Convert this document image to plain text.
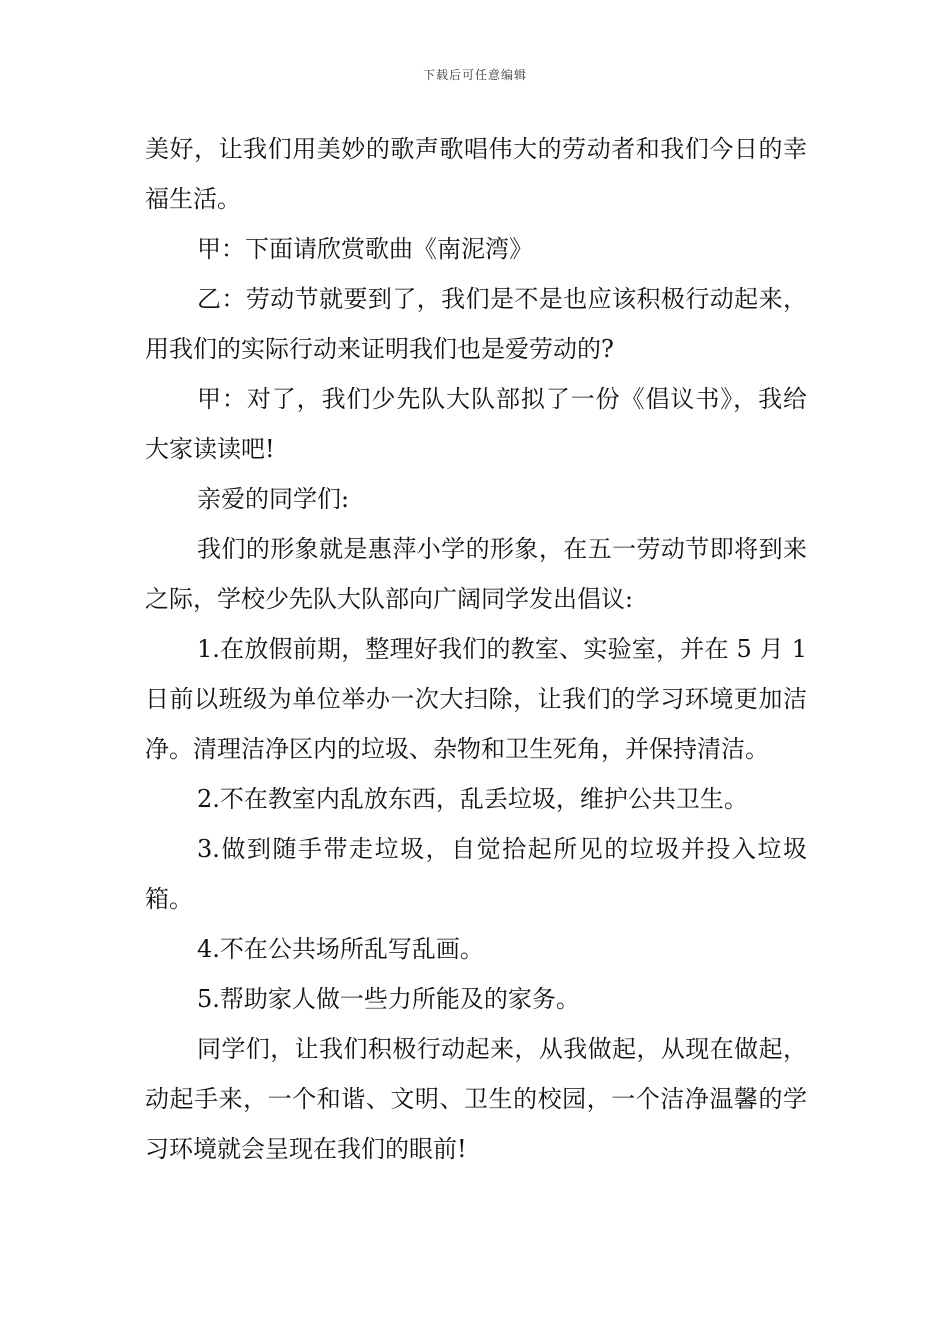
下载后可任意编辑

美好，让我们用美妙的歌声歌唱伟大的劳动者和我们今日的幸福生活。

甲：下面请欣赏歌曲《南泥湾》

乙：劳动节就要到了，我们是不是也应该积极行动起来，用我们的实际行动来证明我们也是爱劳动的?

甲：对了，我们少先队大队部拟了一份《倡议书》，我给大家读读吧!

亲爱的同学们:

我们的形象就是惠萍小学的形象，在五一劳动节即将到来之际，学校少先队大队部向广阔同学发出倡议:

1.在放假前期，整理好我们的教室、实验室，并在 5 月 1 日前以班级为单位举办一次大扫除，让我们的学习环境更加洁净。清理洁净区内的垃圾、杂物和卫生死角，并保持清洁。

2.不在教室内乱放东西，乱丢垃圾，维护公共卫生。

3.做到随手带走垃圾，自觉拾起所见的垃圾并投入垃圾箱。

4.不在公共场所乱写乱画。

5.帮助家人做一些力所能及的家务。

同学们，让我们积极行动起来，从我做起，从现在做起，动起手来，一个和谐、文明、卫生的校园，一个洁净温馨的学习环境就会呈现在我们的眼前!
